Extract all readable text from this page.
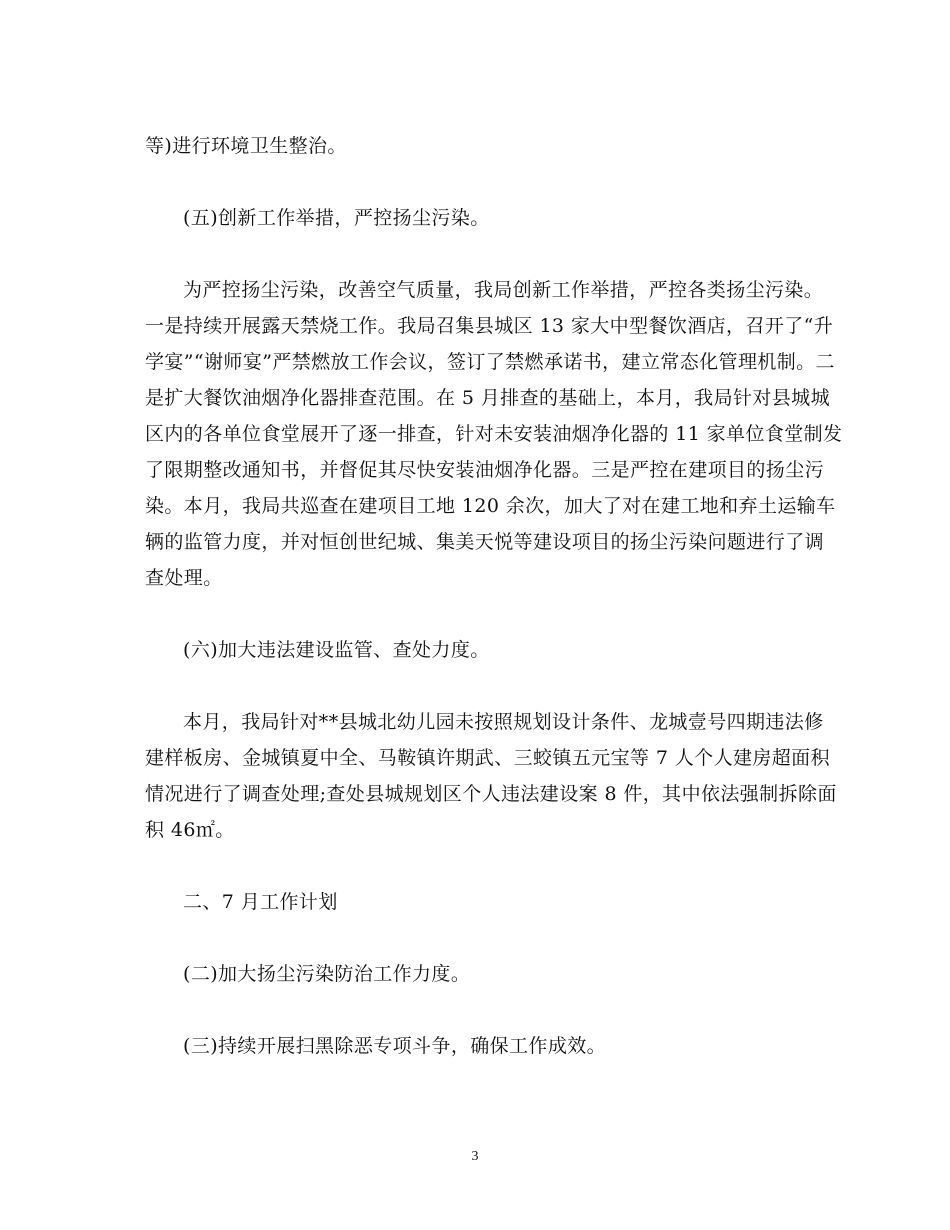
等)进行环境卫生整治。

(五)创新工作举措，严控扬尘污染。

为严控扬尘污染，改善空气质量，我局创新工作举措，严控各类扬尘污染。
一是持续开展露天禁烧工作。我局召集县城区 13 家大中型餐饮酒店，召开了“升
学宴”“谢师宴”严禁燃放工作会议，签订了禁燃承诺书，建立常态化管理机制。二
是扩大餐饮油烟净化器排查范围。在 5 月排查的基础上，本月，我局针对县城城
区内的各单位食堂展开了逐一排查，针对未安装油烟净化器的 11 家单位食堂制发
了限期整改通知书，并督促其尽快安装油烟净化器。三是严控在建项目的扬尘污
染。本月，我局共巡查在建项目工地 120 余次，加大了对在建工地和弃土运输车
辆的监管力度，并对恒创世纪城、集美天悦等建设项目的扬尘污染问题进行了调
查处理。

(六)加大违法建设监管、查处力度。

本月，我局针对**县城北幼儿园未按照规划设计条件、龙城壹号四期违法修
建样板房、金城镇夏中全、马鞍镇许期武、三蛟镇五元宝等 7 人个人建房超面积
情况进行了调查处理;查处县城规划区个人违法建设案 8 件，其中依法强制拆除面
积 46㎡。

二、7 月工作计划

(二)加大扬尘污染防治工作力度。

(三)持续开展扫黑除恶专项斗争，确保工作成效。

3
